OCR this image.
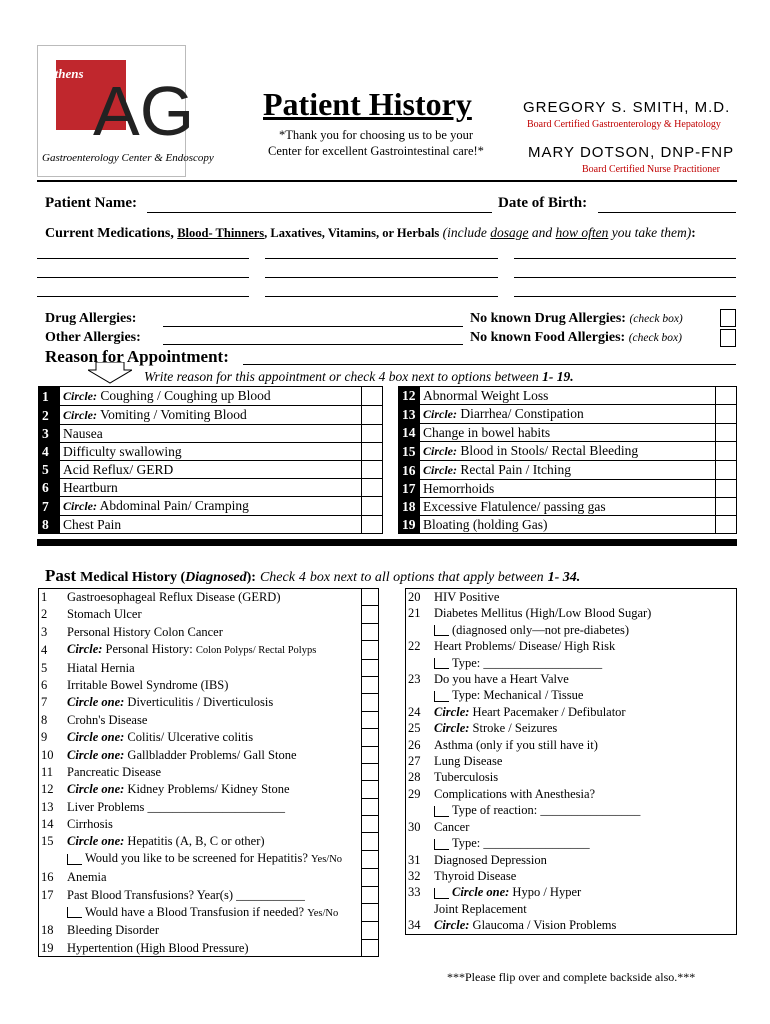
Athens AG
Gastroenterology Center & Endoscopy
Patient History
*Thank you for choosing us to be your Center for excellent Gastrointestinal care!*
GREGORY S. SMITH, M.D.
Board Certified Gastroenterology & Hepatology
MARY DOTSON, DNP-FNP
Board Certified Nurse Practitioner
Patient Name:	Date of Birth:
Current Medications, Blood- Thinners, Laxatives, Vitamins, or Herbals (include dosage and how often you take them):
Drug Allergies:
Other Allergies:
No known Drug Allergies: (check box)
No known Food Allergies: (check box)
Reason for Appointment:
Write reason for this appointment or check 4 box next to options between 1- 19.
1	Circle: Coughing / Coughing up Blood	
2	Circle: Vomiting / Vomiting Blood	
3	Nausea	
4	Difficulty swallowing	
5	Acid Reflux/ GERD	
6	Heartburn	
7	Circle: Abdominal Pain/ Cramping	
8	Chest Pain	
12	Abnormal Weight Loss	
13	Circle: Diarrhea/ Constipation	
14	Change in bowel habits	
15	Circle: Blood in Stools/ Rectal Bleeding	
16	Circle: Rectal Pain / Itching	
17	Hemorrhoids	
18	Excessive Flatulence/ passing gas	
19	Bloating (holding Gas)	
Past Medical History (Diagnosed): Check 4 box next to all options that apply between 1- 34.
1	Gastroesophageal Reflux Disease (GERD)	
2	Stomach Ulcer	
3	Personal History Colon Cancer	
4	Circle: Personal History: Colon Polyps/ Rectal Polyps	
5	Hiatal Hernia	
6	Irritable Bowel Syndrome (IBS)	
7	Circle one: Diverticulitis / Diverticulosis	
8	Crohn's Disease	
9	Circle one: Colitis/ Ulcerative colitis	
10	Circle one: Gallbladder Problems/ Gall Stone	
11	Pancreatic Disease	
12	Circle one: Kidney Problems/ Kidney Stone	
13	Liver Problems ______________________	
14	Cirrhosis	
15	Circle one: Hepatitis (A, B, C or other)	
	Would you like to be screened for Hepatitis? Yes/No	
16	Anemia	
17	Past Blood Transfusions? Year(s) ___________	
	Would have a Blood Transfusion if needed? Yes/No	
18	Bleeding Disorder	
19	Hypertention (High Blood Pressure)	
20	HIV Positive
21	Diabetes Mellitus (High/Low Blood Sugar)
	(diagnosed only—not pre-diabetes)
22	Heart Problems/ Disease/ High Risk
	Type: ___________________
23	Do you have a Heart Valve
	Type: Mechanical / Tissue
24	Circle: Heart Pacemaker / Defibulator
25	Circle: Stroke / Seizures
26	Asthma (only if you still have it)
27	Lung Disease
28	Tuberculosis
29	Complications with Anesthesia?
	Type of reaction: ________________
30	Cancer
	Type: _________________
31	Diagnosed Depression
32	Thyroid Disease
33	Circle one: Hypo / Hyper
	Joint Replacement
34	Circle: Glaucoma / Vision Problems
***Please flip over and complete backside also.***
